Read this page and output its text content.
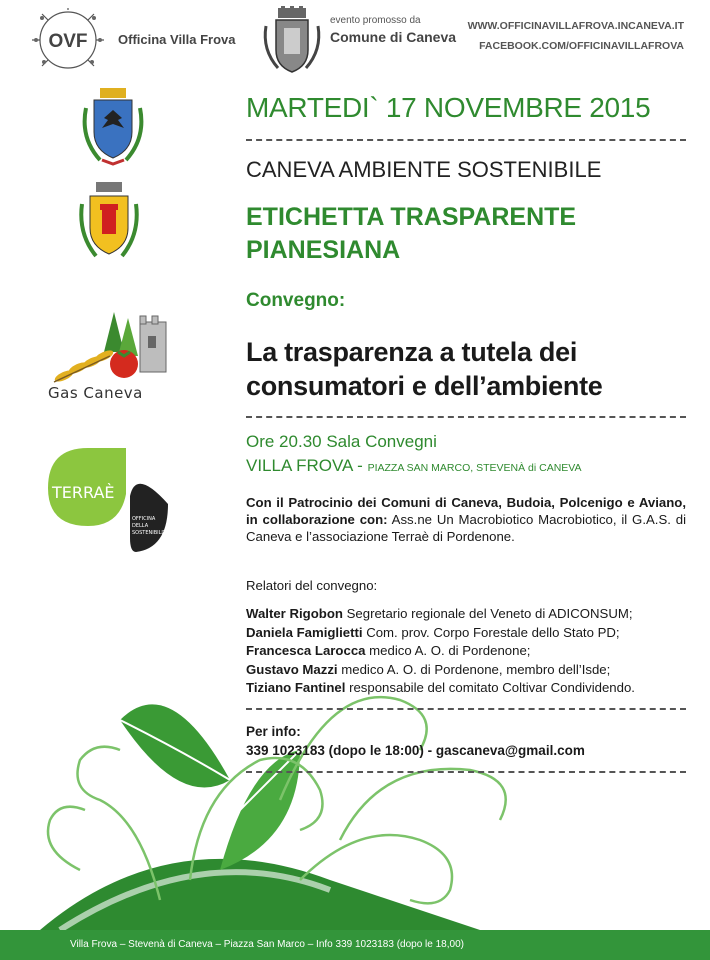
OVF Officina Villa Frova
evento promosso da
Comune di Caneva
WWW.OFFICINAVILLAFROVA.INCANEVA.IT
FACEBOOK.COM/OFFICINAVILLAFROVA
Gas Caneva
TERRAÈ
OFFICINA
DELLA
SOSTENIBILITÀ
MARTEDI` 17 NOVEMBRE 2015
CANEVA AMBIENTE SOSTENIBILE
ETICHETTA TRASPARENTE
PIANESIANA
Convegno:
La trasparenza a tutela dei
consumatori e dell’ambiente
Ore 20.30 Sala Convegni
VILLA FROVA - PIAZZA SAN MARCO, STEVENÀ di CANEVA
Con il Patrocinio dei Comuni di Caneva, Budoia, Polcenigo e Aviano, in collaborazione con: Ass.ne Un Macrobiotico Macrobiotico, il G.A.S. di Caneva e l’associazione Terraè di Pordenone.
Relatori del convegno:
Walter Rigobon Segretario regionale del Veneto di ADICONSUM;
Daniela Famiglietti Com. prov. Corpo Forestale dello Stato PD;
Francesca Larocca medico A. O. di Pordenone;
Gustavo Mazzi medico A. O. di Pordenone, membro dell’Isde;
Tiziano Fantinel responsabile del comitato Coltivar Condividendo.
Per info:
339 1023183 (dopo le 18:00) - gascaneva@gmail.com
Villa Frova – Stevenà di Caneva – Piazza San Marco – Info 339 1023183 (dopo le 18,00)
